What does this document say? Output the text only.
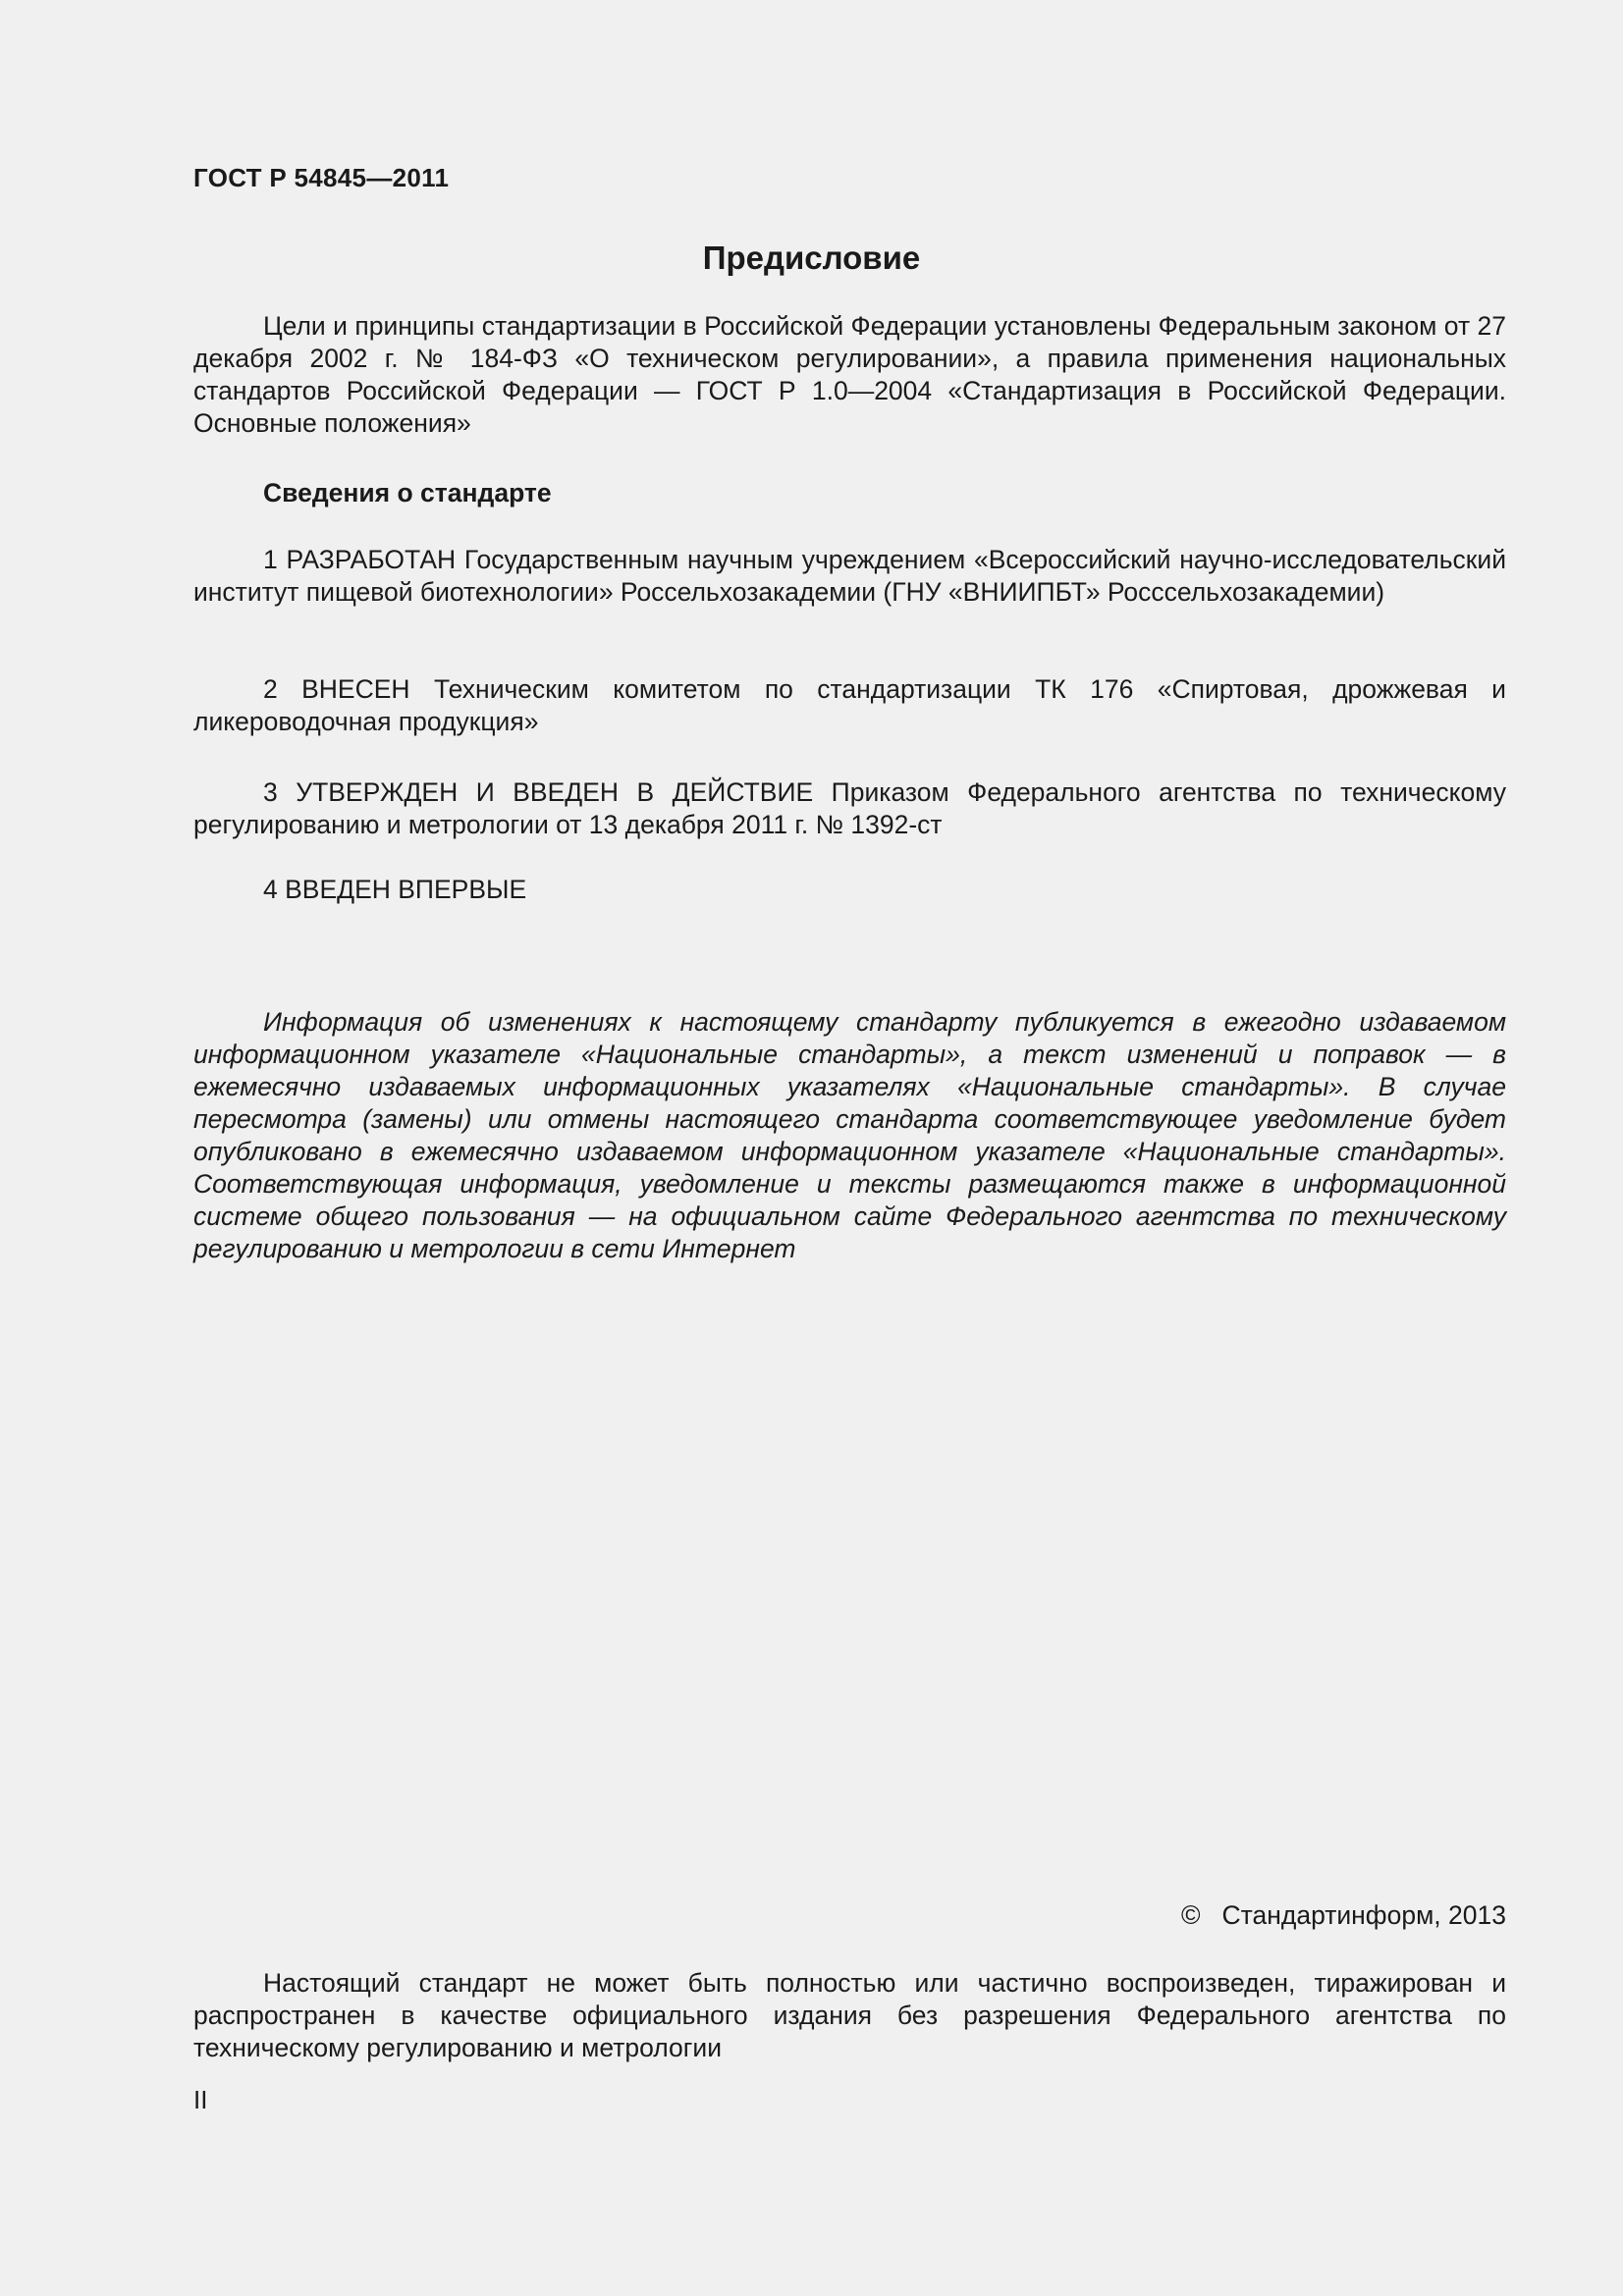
ГОСТ Р 54845—2011
Предисловие

Цели и принципы стандартизации в Российской Федерации установлены Федеральным законом от 27 декабря 2002 г. № 184-ФЗ «О техническом регулировании», а правила применения национальных стандартов Российской Федерации — ГОСТ Р 1.0—2004 «Стандартизация в Российской Федерации. Основные положения»

Сведения о стандарте

1 РАЗРАБОТАН Государственным научным учреждением «Всероссийский научно-исследовательский институт пищевой биотехнологии» Россельхозакадемии (ГНУ «ВНИИПБТ» Росссельхозакадемии)

2 ВНЕСЕН Техническим комитетом по стандартизации ТК 176 «Спиртовая, дрожжевая и ликероводочная продукция»

3 УТВЕРЖДЕН И ВВЕДЕН В ДЕЙСТВИЕ Приказом Федерального агентства по техническому регулированию и метрологии от 13 декабря 2011 г. № 1392-ст

4 ВВЕДЕН ВПЕРВЫЕ

Информация об изменениях к настоящему стандарту публикуется в ежегодно издаваемом информационном указателе «Национальные стандарты», а текст изменений и поправок — в ежемесячно издаваемых информационных указателях «Национальные стандарты». В случае пересмотра (замены) или отмены настоящего стандарта соответствующее уведомление будет опубликовано в ежемесячно издаваемом информационном указателе «Национальные стандарты». Соответствующая информация, уведомление и тексты размещаются также в информационной системе общего пользования — на официальном сайте Федерального агентства по техническому регулированию и метрологии в сети Интернет

© Стандартинформ, 2013

Настоящий стандарт не может быть полностью или частично воспроизведен, тиражирован и распространен в качестве официального издания без разрешения Федерального агентства по техническому регулированию и метрологии

II
